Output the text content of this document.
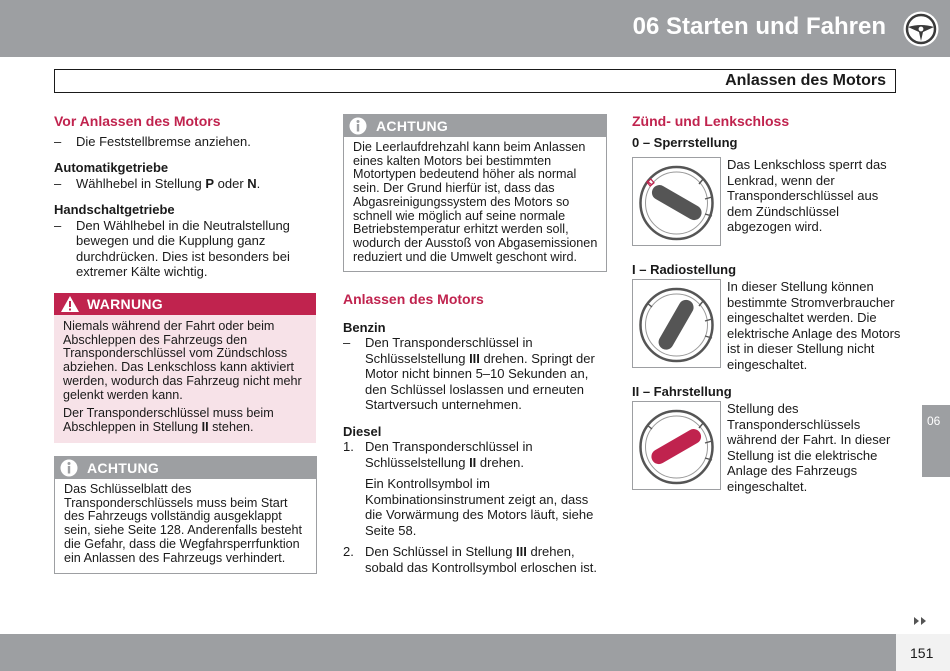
06 Starten und Fahren
Anlassen des Motors
Vor Anlassen des Motors
– Die Feststellbremse anziehen.
Automatikgetriebe
– Wählhebel in Stellung P oder N.
Handschaltgetriebe
– Den Wählhebel in die Neutralstellung bewegen und die Kupplung ganz durchdrücken. Dies ist besonders bei extremer Kälte wichtig.
WARNUNG
Niemals während der Fahrt oder beim Abschleppen des Fahrzeugs den Transponderschlüssel vom Zündschloss abziehen. Das Lenkschloss kann aktiviert werden, wodurch das Fahrzeug nicht mehr gelenkt werden kann.
Der Transponderschlüssel muss beim Abschleppen in Stellung II stehen.
ACHTUNG
Das Schlüsselblatt des Transponderschlüssels muss beim Start des Fahrzeugs vollständig ausgeklappt sein, siehe Seite 128. Anderenfalls besteht die Gefahr, dass die Wegfahrsperrfunktion ein Anlassen des Fahrzeugs verhindert.
ACHTUNG
Die Leerlaufdrehzahl kann beim Anlassen eines kalten Motors bei bestimmten Motortypen bedeutend höher als normal sein. Der Grund hierfür ist, dass das Abgasreinigungssystem des Motors so schnell wie möglich auf seine normale Betriebstemperatur erhitzt werden soll, wodurch der Ausstoß von Abgasemissionen reduziert und die Umwelt geschont wird.
Anlassen des Motors
Benzin
– Den Transponderschlüssel in Schlüsselstellung III drehen. Springt der Motor nicht binnen 5–10 Sekunden an, den Schlüssel loslassen und erneuten Startversuch unternehmen.
Diesel
1. Den Transponderschlüssel in Schlüsselstellung II drehen.
Ein Kontrollsymbol im Kombinationsinstrument zeigt an, dass die Vorwärmung des Motors läuft, siehe Seite 58.
2. Den Schlüssel in Stellung III drehen, sobald das Kontrollsymbol erloschen ist.
Zünd- und Lenkschloss
0 – Sperrstellung
Das Lenkschloss sperrt das Lenkrad, wenn der Transponderschlüssel aus dem Zündschlüssel abgezogen wird.
I – Radiostellung
In dieser Stellung können bestimmte Stromverbraucher eingeschaltet werden. Die elektrische Anlage des Motors ist in dieser Stellung nicht eingeschaltet.
II – Fahrstellung
Stellung des Transponderschlüssels während der Fahrt. In dieser Stellung ist die elektrische Anlage des Fahrzeugs eingeschaltet.
06
151
